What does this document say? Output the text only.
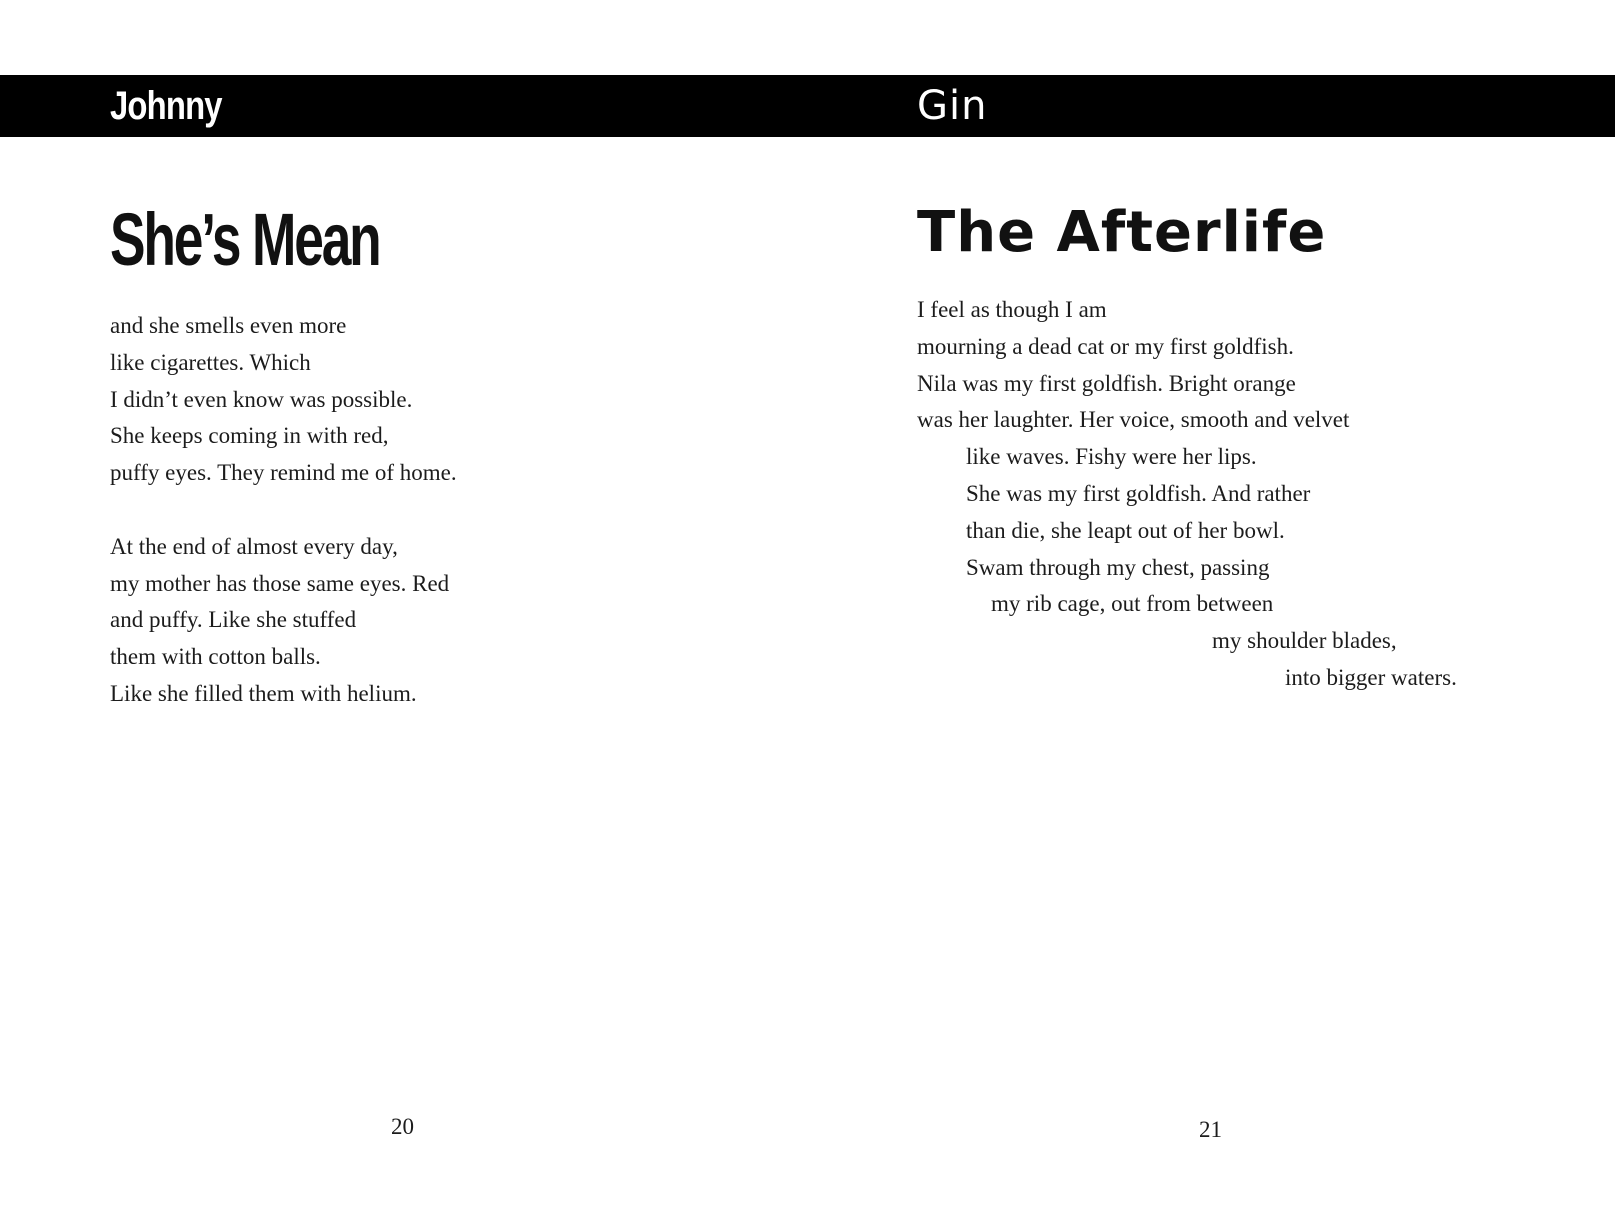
Johnny	Gin
She’s Mean
and she smells even more
like cigarettes. Which
I didn’t even know was possible.
She keeps coming in with red,
puffy eyes. They remind me of home.
At the end of almost every day,
my mother has those same eyes. Red
and puffy. Like she stuffed
them with cotton balls.
Like she filled them with helium.
20
The Afterlife
I feel as though I am
mourning a dead cat or my first goldfish.
Nila was my first goldfish. Bright orange
was her laughter. Her voice, smooth and velvet
like waves. Fishy were her lips.
She was my first goldfish. And rather
than die, she leapt out of her bowl.
Swam through my chest, passing
my rib cage, out from between
my shoulder blades,
into bigger waters.
21
